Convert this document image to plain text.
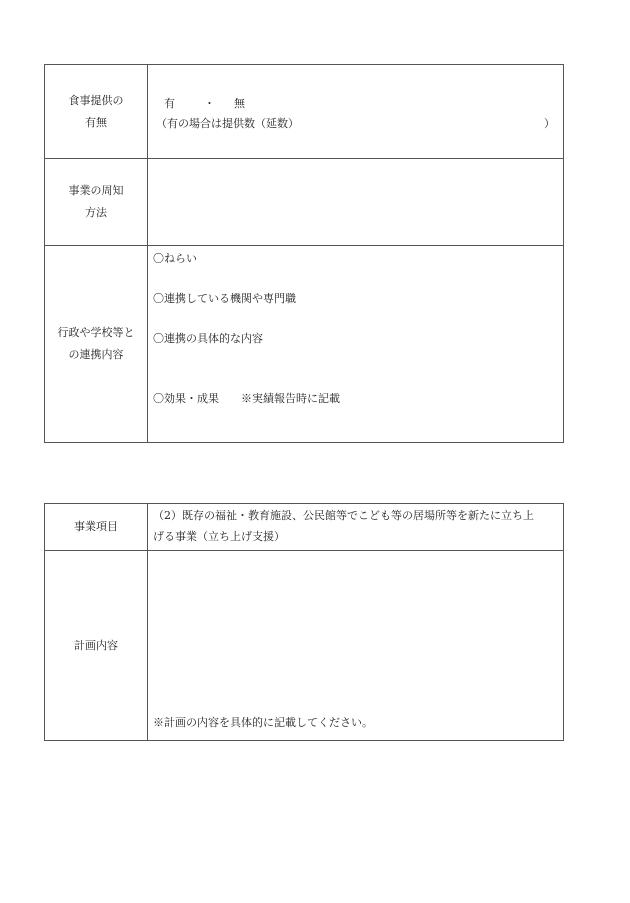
食事提供の
有無
有	・ 無
（有の場合は提供数（延数）	）
事業の周知
方法
行政や学校等と
の連携内容
〇ねらい
〇連携している機関や専門職
〇連携の具体的な内容
〇効果・成果　　※実績報告時に記載
事業項目
（2）既存の福祉・教育施設、公民館等でこども等の居場所等を新たに立ち上
げる事業（立ち上げ支援）
計画内容
※計画の内容を具体的に記載してください。
